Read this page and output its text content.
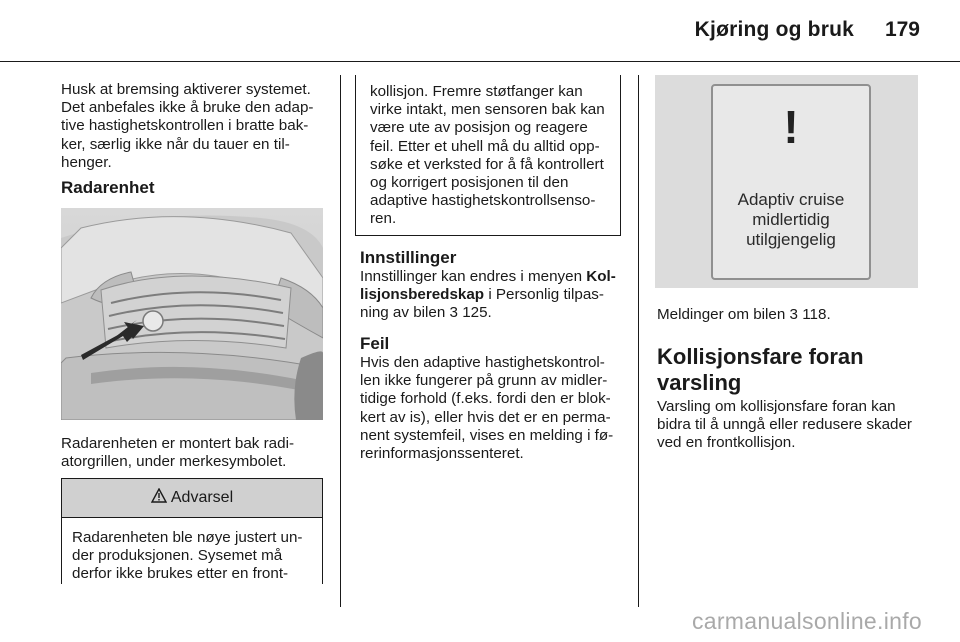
Kjøring og bruk 179

Husk at bremsing aktiverer systemet.

Det anbefales ikke å bruke den adap-

tive hastighetskontrollen i bratte bak-

ker, særlig ikke når du tauer en til-

henger.

Radarenhet

Radarenheten er montert bak radi-

atorgrillen, under merkesymbolet.

Advarsel

Radarenheten ble nøye justert un-

der produksjonen. Sysemet må

derfor ikke brukes etter en front-

kollisjon. Fremre støtfanger kan

virke intakt, men sensoren bak kan

være ute av posisjon og reagere

feil. Etter et uhell må du alltid opp-

søke et verksted for å få kontrollert

og korrigert posisjonen til den

adaptive hastighetskontrollsenso-

ren.

Innstillinger

Innstillinger kan endres i menyen Kol-

lisjonsberedskap i Personlig tilpas-

ning av bilen 3 125.

Feil

Hvis den adaptive hastighetskontrol-

len ikke fungerer på grunn av midler-

tidige forhold (f.eks. fordi den er blok-

kert av is), eller hvis det er en perma-

nent systemfeil, vises en melding i fø-

rerinformasjonssenteret.

!
Adaptiv cruise
midlertidig
utilgjengelig

Meldinger om bilen 3 118.

Kollisjonsfare foran
varsling

Varsling om kollisjonsfare foran kan

bidra til å unngå eller redusere skader

ved en frontkollisjon.

carmanualsonline.info
